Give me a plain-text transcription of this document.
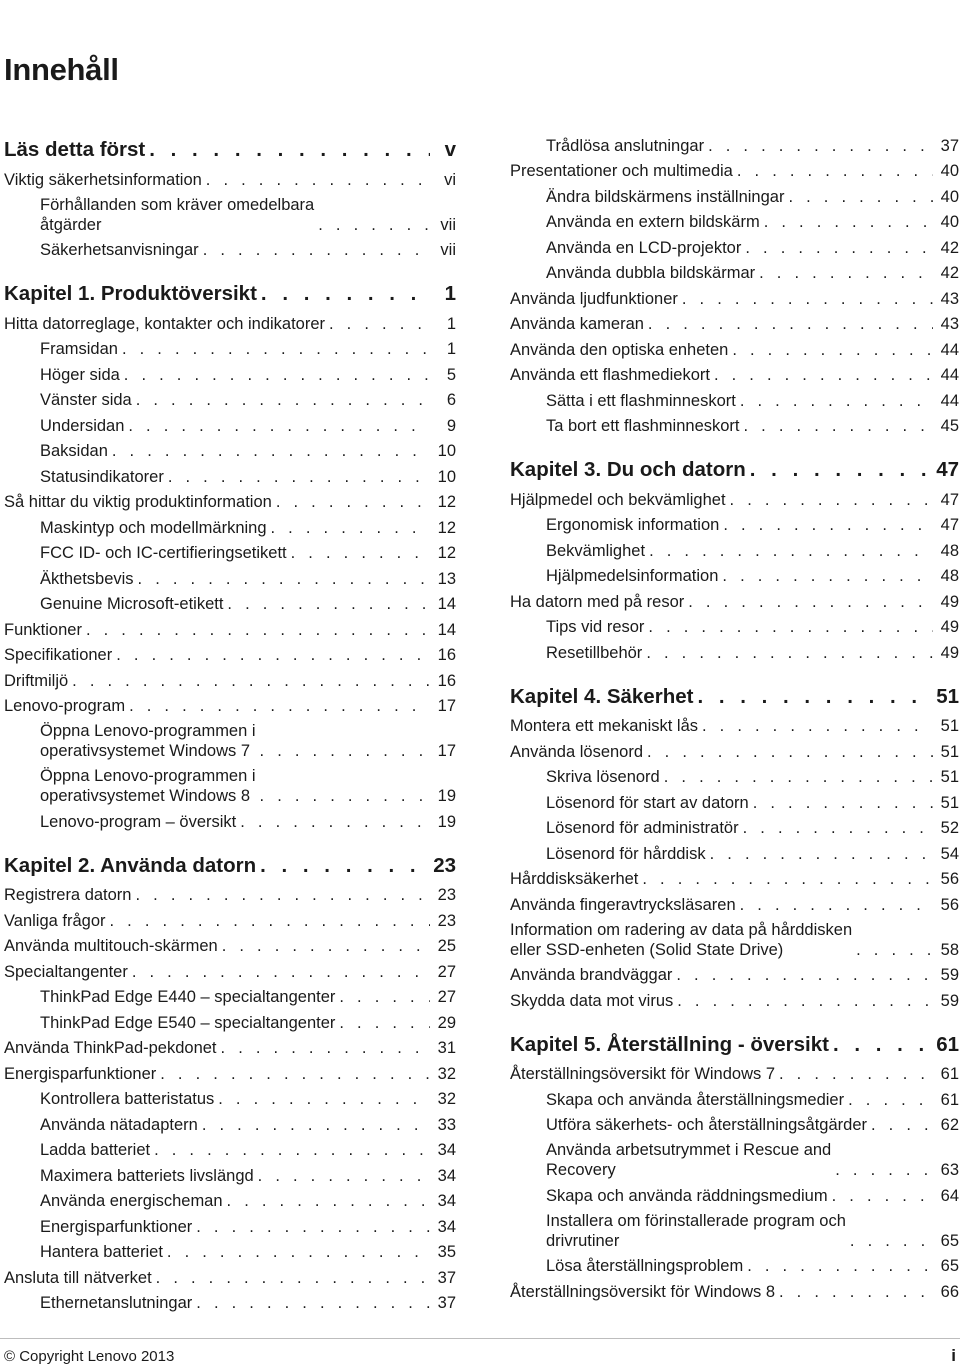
Innehåll
Läs detta först . . .	v
Viktig säkerhetsinformation . . .	vi
Förhållanden som kräver omedelbara
åtgärder . . .	vii
Säkerhetsanvisningar . . .	vii
Kapitel 1. Produktöversikt . . .	1
Hitta datorreglage, kontakter och indikatorer . . .	1
Framsidan . . .	1
Höger sida . . .	5
Vänster sida . . .	6
Undersidan . . .	9
Baksidan . . .	10
Statusindikatorer . . .	10
Så hittar du viktig produktinformation . . .	12
Maskintyp och modellmärkning . . .	12
FCC ID- och IC-certifieringsetikett . . .	12
Äkthetsbevis . . .	13
Genuine Microsoft-etikett . . .	14
Funktioner . . .	14
Specifikationer . . .	16
Driftmiljö . . .	16
Lenovo-program . . .	17
Öppna Lenovo-programmen i
operativsystemet Windows 7 . . .	17
Öppna Lenovo-programmen i
operativsystemet Windows 8 . . .	19
Lenovo-program – översikt . . .	19
Kapitel 2. Använda datorn . . .	23
Registrera datorn . . .	23
Vanliga frågor . . .	23
Använda multitouch-skärmen . . .	25
Specialtangenter . . .	27
ThinkPad Edge E440 – specialtangenter . . .	27
ThinkPad Edge E540 – specialtangenter . . .	29
Använda ThinkPad-pekdonet . . .	31
Energisparfunktioner . . .	32
Kontrollera batteristatus . . .	32
Använda nätadaptern . . .	33
Ladda batteriet . . .	34
Maximera batteriets livslängd . . .	34
Använda energischeman . . .	34
Energisparfunktioner . . .	34
Hantera batteriet . . .	35
Ansluta till nätverket . . .	37
Ethernetanslutningar . . .	37
Trådlösa anslutningar . . .	37
Presentationer och multimedia . . .	40
Ändra bildskärmens inställningar . . .	40
Använda en extern bildskärm . . .	40
Använda en LCD-projektor . . .	42
Använda dubbla bildskärmar . . .	42
Använda ljudfunktioner . . .	43
Använda kameran . . .	43
Använda den optiska enheten . . .	44
Använda ett flashmediekort . . .	44
Sätta i ett flashminneskort . . .	44
Ta bort ett flashminneskort . . .	45
Kapitel 3. Du och datorn . . .	47
Hjälpmedel och bekvämlighet . . .	47
Ergonomisk information . . .	47
Bekvämlighet . . .	48
Hjälpmedelsinformation . . .	48
Ha datorn med på resor . . .	49
Tips vid resor . . .	49
Resetillbehör . . .	49
Kapitel 4. Säkerhet . . .	51
Montera ett mekaniskt lås . . .	51
Använda lösenord . . .	51
Skriva lösenord . . .	51
Lösenord för start av datorn . . .	51
Lösenord för administratör . . .	52
Lösenord för hårddisk . . .	54
Hårddisksäkerhet . . .	56
Använda fingeravtrycksläsaren . . .	56
Information om radering av data på hårddisken
eller SSD-enheten (Solid State Drive) . . .	58
Använda brandväggar . . .	59
Skydda data mot virus . . .	59
Kapitel 5. Återställning - översikt . . .	61
Återställningsöversikt för Windows 7 . . .	61
Skapa och använda återställningsmedier . . .	61
Utföra säkerhets- och återställningsåtgärder . . .	62
Använda arbetsutrymmet i Rescue and
Recovery . . .	63
Skapa och använda räddningsmedium . . .	64
Installera om förinstallerade program och
drivrutiner . . .	65
Lösa återställningsproblem . . .	65
Återställningsöversikt för Windows 8 . . .	66
© Copyright Lenovo 2013	i
